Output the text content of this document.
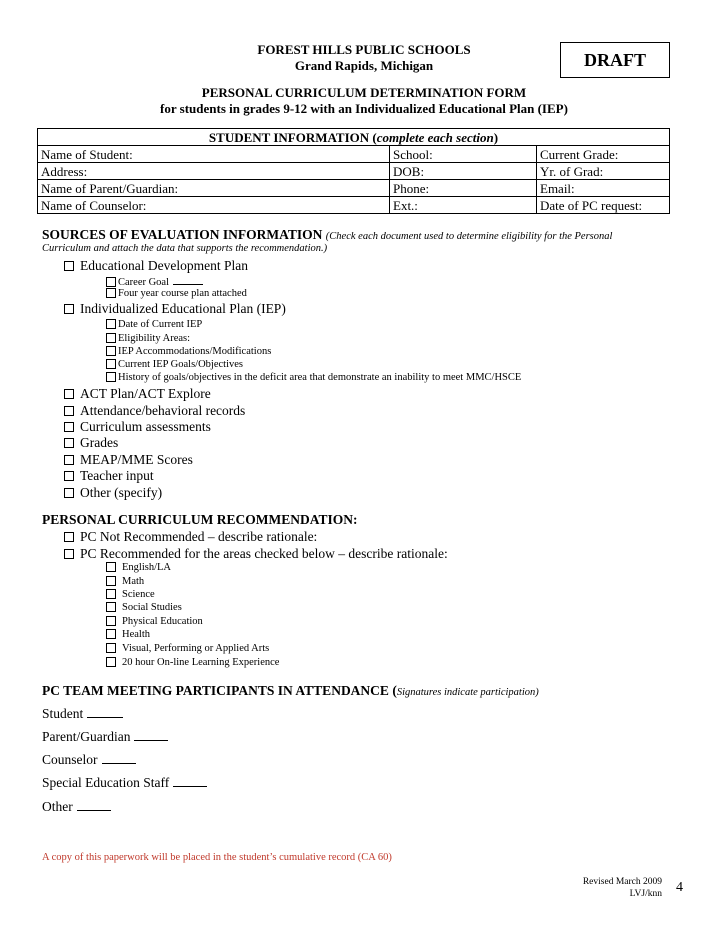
FOREST HILLS PUBLIC SCHOOLS
Grand Rapids, Michigan	DRAFT
PERSONAL CURRICULUM DETERMINATION FORM
for students in grades 9-12 with an Individualized Educational Plan (IEP)
STUDENT INFORMATION (complete each section)		
Name of Student:	School:	Current Grade:
Address:	DOB:	Yr. of Grad:
Name of Parent/Guardian:	Phone:	Email:
Name of Counselor:	Ext.:	Date of PC request:
SOURCES OF EVALUATION INFORMATION (Check each document used to determine eligibility for the Personal
Curriculum and attach the data that supports the recommendation.)
Educational Development Plan
Career Goal
Four year course plan attached
Individualized Educational Plan (IEP)
Date of Current IEP
Eligibility Areas:
IEP Accommodations/Modifications
Current IEP Goals/Objectives
History of goals/objectives in the deficit area that demonstrate an inability to meet MMC/HSCE
ACT Plan/ACT Explore
Attendance/behavioral records
Curriculum assessments
Grades
MEAP/MME Scores
Teacher input
Other (specify)
PERSONAL CURRICULUM RECOMMENDATION:
PC Not Recommended – describe rationale:
PC Recommended for the areas checked below – describe rationale:
English/LA
Math
Science
Social Studies
Physical Education
Health
Visual, Performing or Applied Arts
20 hour On-line Learning Experience
PC TEAM MEETING PARTICIPANTS IN ATTENDANCE (Signatures indicate participation)
Student
Parent/Guardian
Counselor
Special Education Staff
Other
A copy of this paperwork will be placed in the student’s cumulative record (CA 60)
Revised March 2009
LVJ/knn 4
